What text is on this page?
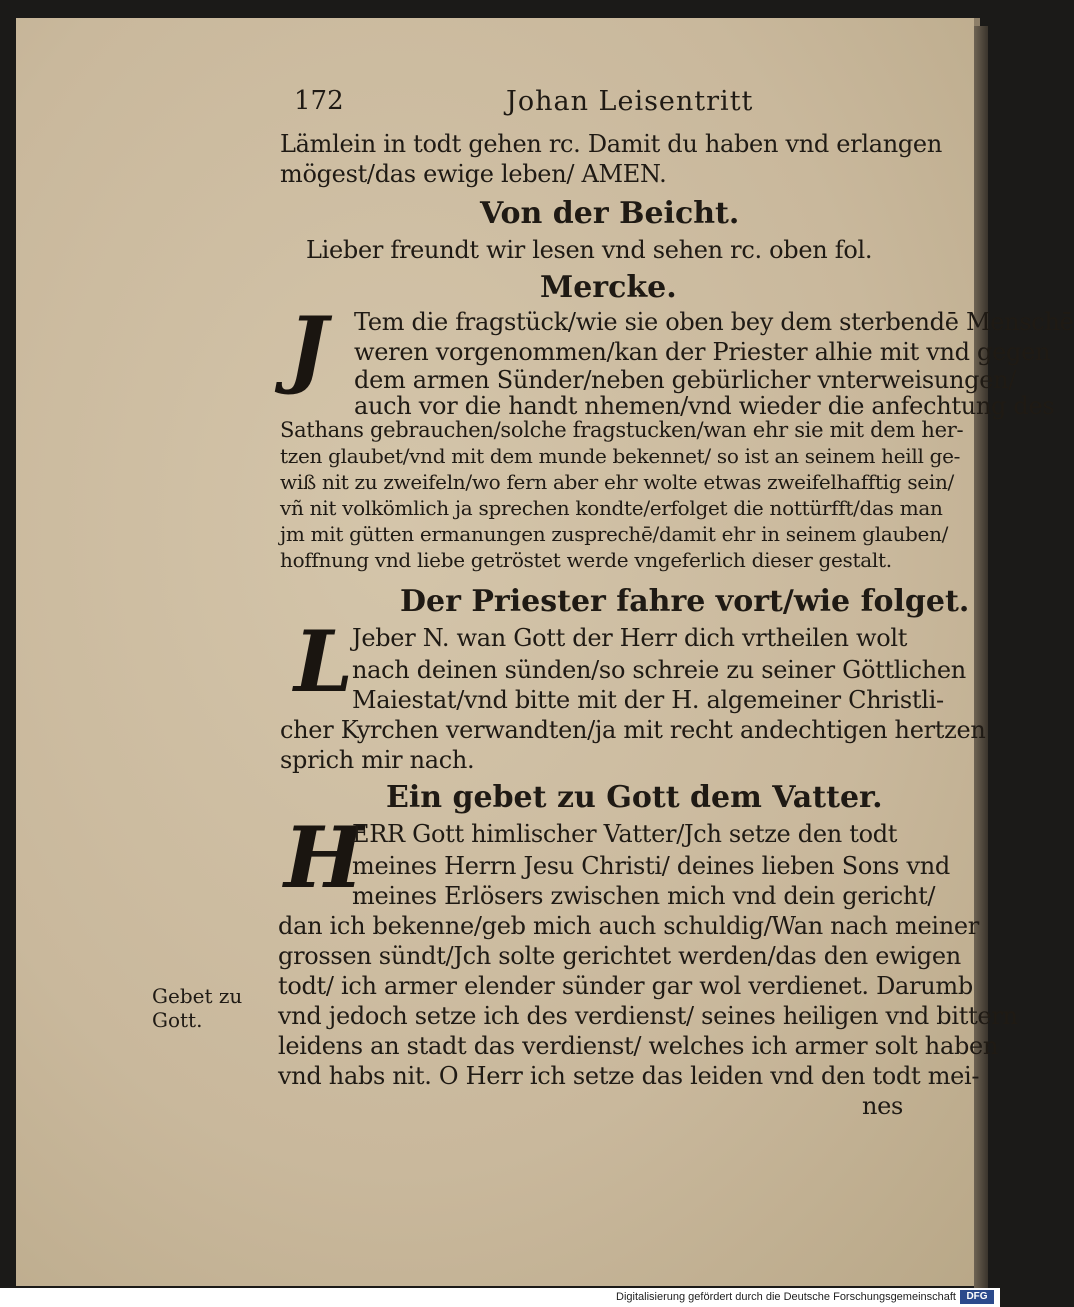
172	Johan Leisentritt
Lämlein in todt gehen rc. Damit du haben vnd erlangen
mögest/das ewige leben/ AMEN.
Von der Beicht.
Lieber freundt wir lesen vnd sehen rc. oben fol.
Mercke.
J Tem die fragstück/wie sie oben bey dem sterbendē Menschē
weren vorgenommen/kan der Priester alhie mit vnd gegen
dem armen Sünder/neben gebürlicher vnterweisungen/
auch vor die handt nhemen/vnd wieder die anfechtung des
Sathans gebrauchen/solche fragstucken/wan ehr sie mit dem her-
tzen glaubet/vnd mit dem munde bekennet/ so ist an seinem heill ge-
wiß nit zu zweifeln/wo fern aber ehr wolte etwas zweifelhafftig sein/
vñ nit volkömlich ja sprechen kondte/erfolget die nottürfft/das man
jm mit gütten ermanungen zusprechē/damit ehr in seinem glauben/
hoffnung vnd liebe getröstet werde vngeferlich dieser gestalt.
Der Priester fahre vort/wie folget.
L
Jeber N. wan Gott der Herr dich vrtheilen wolt
nach deinen sünden/so schreie zu seiner Göttlichen
Maiestat/vnd bitte mit der H. algemeiner Christli-
cher Kyrchen verwandten/ja mit recht andechtigen hertzen
sprich mir nach.
Ein gebet zu Gott dem Vatter.
H
ERR Gott himlischer Vatter/Jch setze den todt
meines Herrn Jesu Christi/ deines lieben Sons vnd
meines Erlösers zwischen mich vnd dein gericht/
dan ich bekenne/geb mich auch schuldig/Wan nach meiner
grossen sündt/Jch solte gerichtet werden/das den ewigen
todt/ ich armer elender sünder gar wol verdienet. Darumb
vnd jedoch setze ich des verdienst/ seines heiligen vnd bittern
leidens an stadt das verdienst/ welches ich armer solt haben
vnd habs nit. O Herr ich setze das leiden vnd den todt mei-
nes
Gebet zu
Gott.
Digitalisierung gefördert durch die Deutsche Forschungsgemeinschaft	DFG
